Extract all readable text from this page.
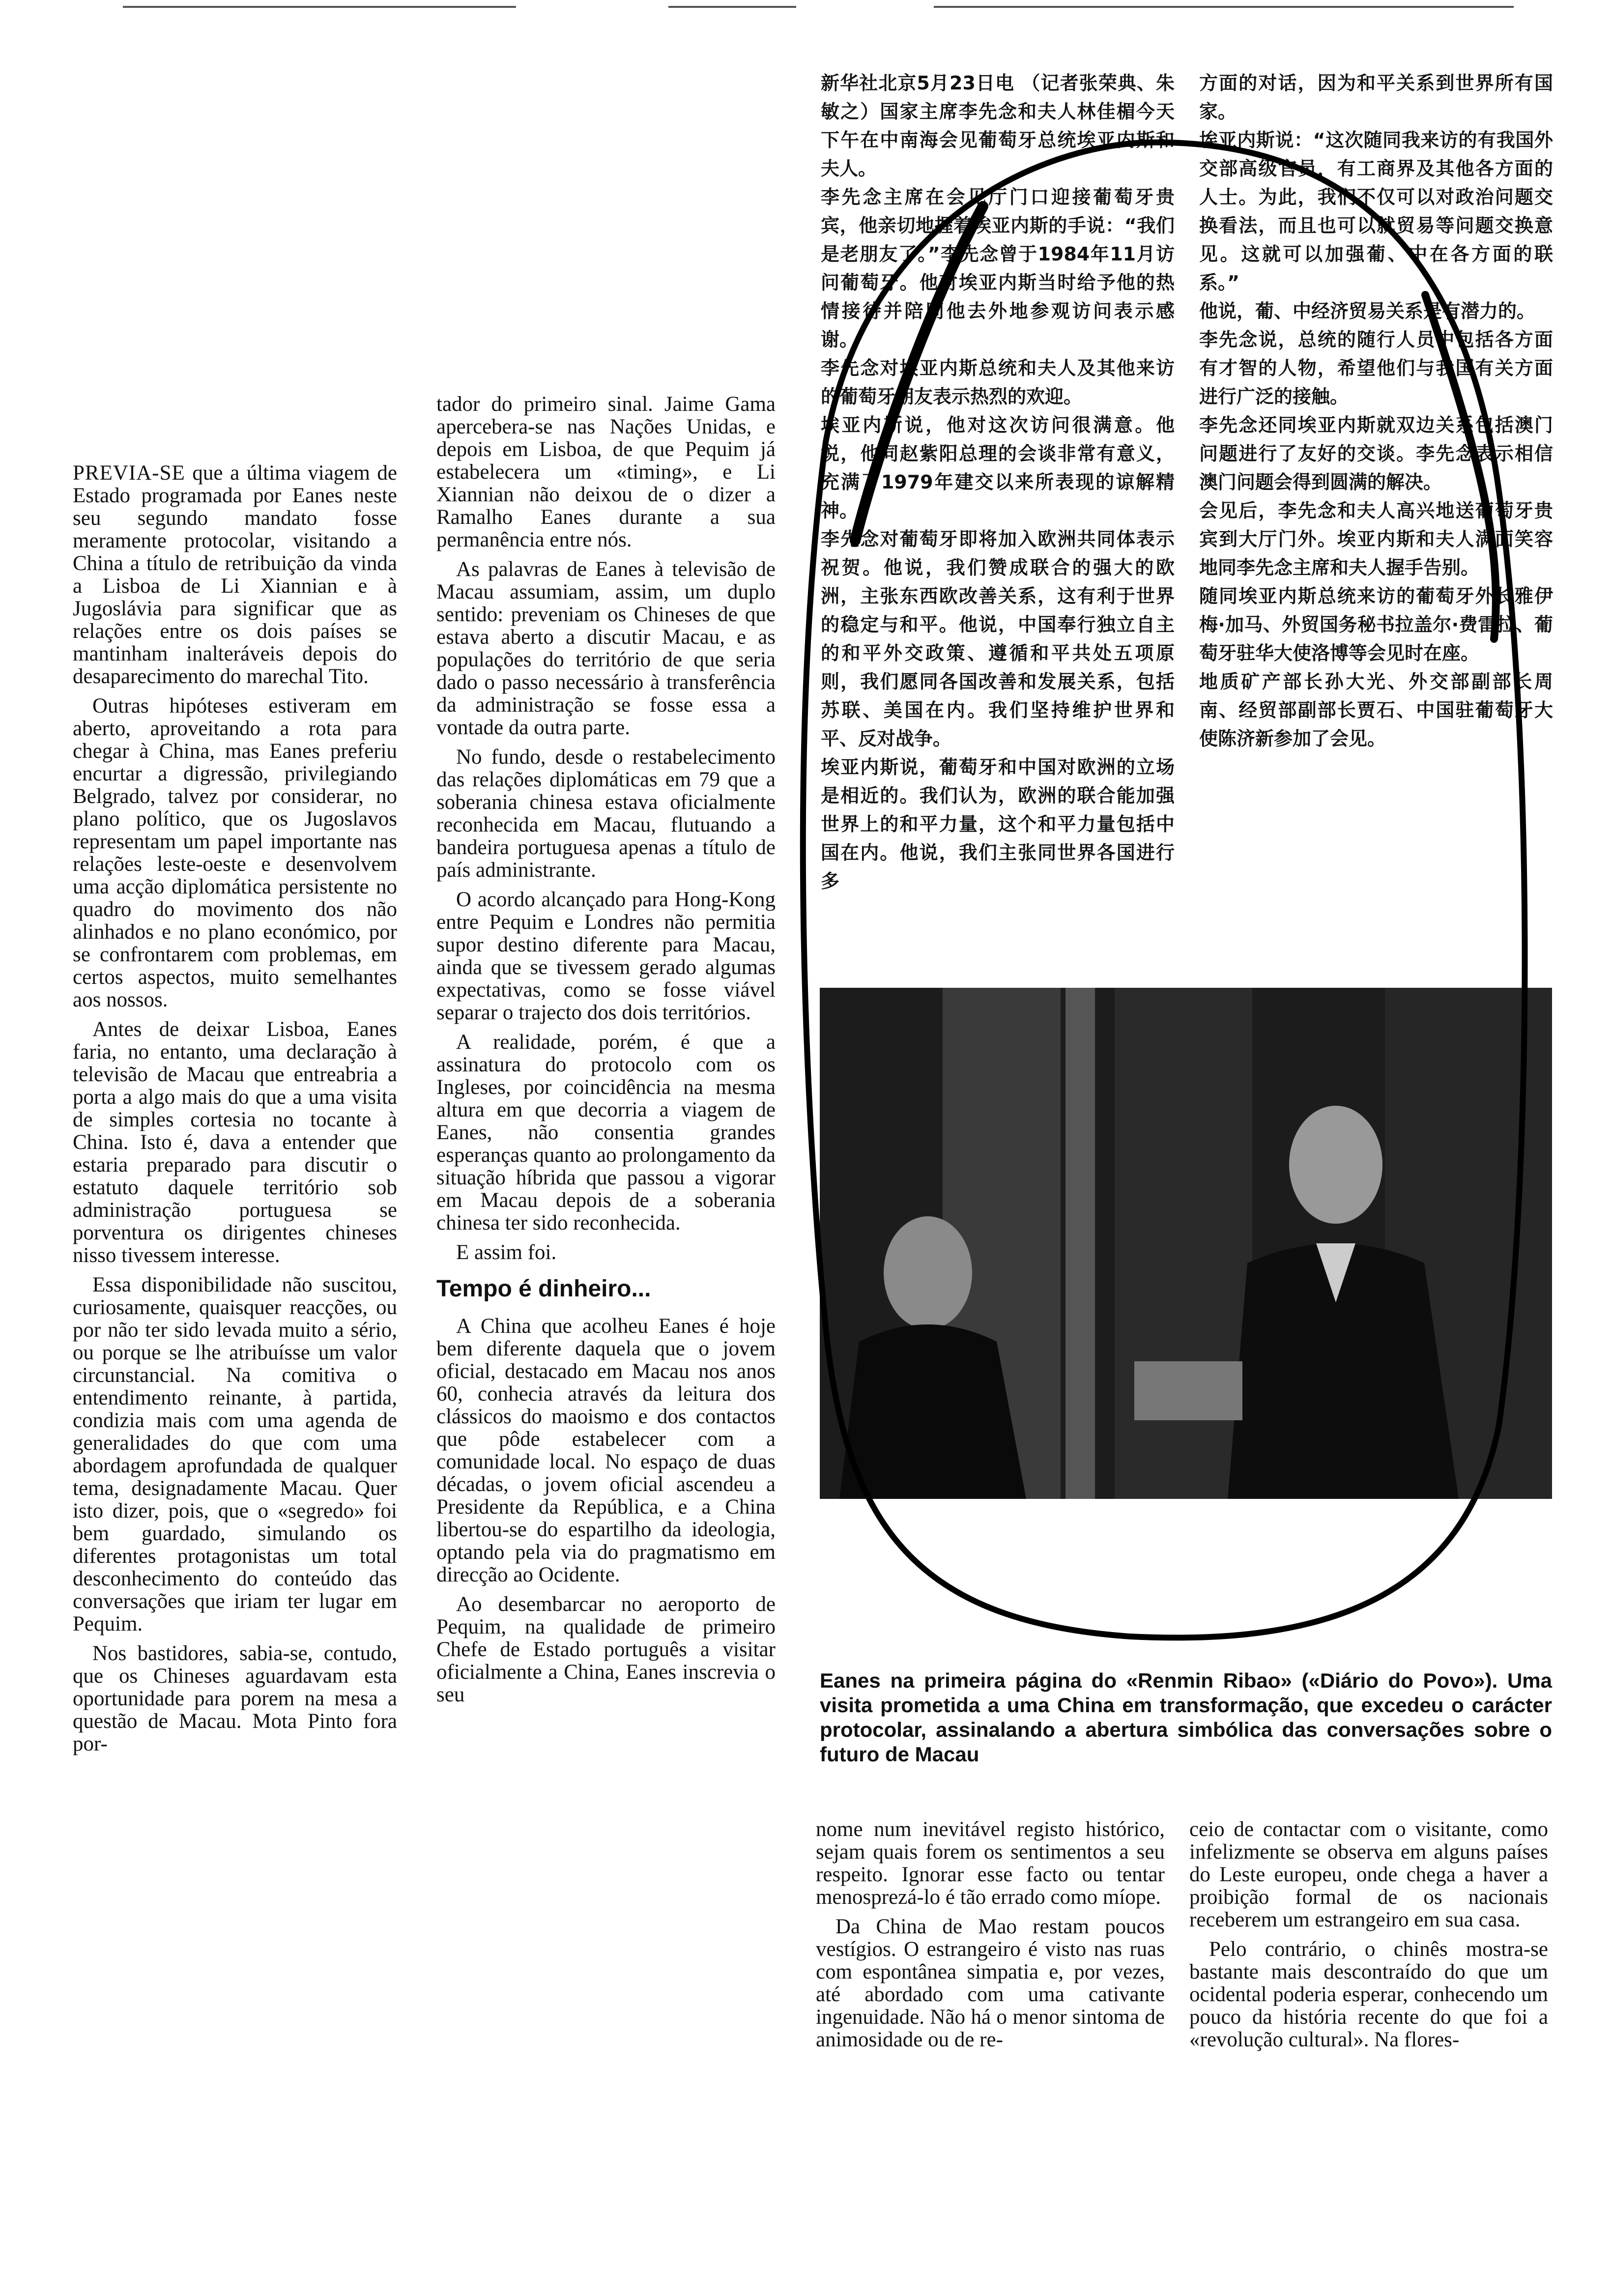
PREVIA-SE que a última viagem de Estado programada por Eanes neste seu segundo mandato fosse meramente protocolar, visitando a China a título de retribuição da vinda a Lisboa de Li Xiannian e à Jugoslávia para significar que as relações entre os dois países se mantinham inalteráveis depois do desaparecimento do marechal Tito.

Outras hipóteses estiveram em aberto, aproveitando a rota para chegar à China, mas Eanes preferiu encurtar a digressão, privilegiando Belgrado, talvez por considerar, no plano político, que os Jugoslavos representam um papel importante nas relações leste-oeste e desenvolvem uma acção diplomática persistente no quadro do movimento dos não alinhados e no plano económico, por se confrontarem com problemas, em certos aspectos, muito semelhantes aos nossos.

Antes de deixar Lisboa, Eanes faria, no entanto, uma declaração à televisão de Macau que entreabria a porta a algo mais do que a uma visita de simples cortesia no tocante à China. Isto é, dava a entender que estaria preparado para discutir o estatuto daquele território sob administração portuguesa se porventura os dirigentes chineses nisso tivessem interesse.

Essa disponibilidade não suscitou, curiosamente, quaisquer reacções, ou por não ter sido levada muito a sério, ou porque se lhe atribuísse um valor circunstancial. Na comitiva o entendimento reinante, à partida, condizia mais com uma agenda de generalidades do que com uma abordagem aprofundada de qualquer tema, designadamente Macau. Quer isto dizer, pois, que o «segredo» foi bem guardado, simulando os diferentes protagonistas um total desconhecimento do conteúdo das conversações que iriam ter lugar em Pequim.

Nos bastidores, sabia-se, contudo, que os Chineses aguardavam esta oportunidade para porem na mesa a questão de Macau. Mota Pinto fora por-

tador do primeiro sinal. Jaime Gama apercebera-se nas Nações Unidas, e depois em Lisboa, de que Pequim já estabelecera um «timing», e Li Xiannian não deixou de o dizer a Ramalho Eanes durante a sua permanência entre nós.

As palavras de Eanes à televisão de Macau assumiam, assim, um duplo sentido: preveniam os Chineses de que estava aberto a discutir Macau, e as populações do território de que seria dado o passo necessário à transferência da administração se fosse essa a vontade da outra parte.

No fundo, desde o restabelecimento das relações diplomáticas em 79 que a soberania chinesa estava oficialmente reconhecida em Macau, flutuando a bandeira portuguesa apenas a título de país administrante.

O acordo alcançado para Hong-Kong entre Pequim e Londres não permitia supor destino diferente para Macau, ainda que se tivessem gerado algumas expectativas, como se fosse viável separar o trajecto dos dois territórios.

A realidade, porém, é que a assinatura do protocolo com os Ingleses, por coincidência na mesma altura em que decorria a viagem de Eanes, não consentia grandes esperanças quanto ao prolongamento da situação híbrida que passou a vigorar em Macau depois de a soberania chinesa ter sido reconhecida.

E assim foi.

Tempo é dinheiro...

A China que acolheu Eanes é hoje bem diferente daquela que o jovem oficial, destacado em Macau nos anos 60, conhecia através da leitura dos clássicos do maoismo e dos contactos que pôde estabelecer com a comunidade local. No espaço de duas décadas, o jovem oficial ascendeu a Presidente da República, e a China libertou-se do espartilho da ideologia, optando pela via do pragmatismo em direcção ao Ocidente.

Ao desembarcar no aeroporto de Pequim, na qualidade de primeiro Chefe de Estado português a visitar oficialmente a China, Eanes inscrevia o seu

新华社北京5月23日电 （记者张荣典、朱敏之）国家主席李先念和夫人林佳楣今天下午在中南海会见葡萄牙总统埃亚内斯和夫人。

李先念主席在会见厅门口迎接葡萄牙贵宾，他亲切地握着埃亚内斯的手说：“我们是老朋友了。”李先念曾于1984年11月访问葡萄牙。他对埃亚内斯当时给予他的热情接待并陪同他去外地参观访问表示感谢。

李先念对埃亚内斯总统和夫人及其他来访的葡萄牙朋友表示热烈的欢迎。

埃亚内斯说，他对这次访问很满意。他说，他同赵紫阳总理的会谈非常有意义，充满了1979年建交以来所表现的谅解精神。

李先念对葡萄牙即将加入欧洲共同体表示祝贺。他说，我们赞成联合的强大的欧洲，主张东西欧改善关系，这有利于世界的稳定与和平。他说，中国奉行独立自主的和平外交政策、遵循和平共处五项原则，我们愿同各国改善和发展关系，包括苏联、美国在内。我们坚持维护世界和平、反对战争。

埃亚内斯说，葡萄牙和中国对欧洲的立场是相近的。我们认为，欧洲的联合能加强世界上的和平力量，这个和平力量包括中国在内。他说，我们主张同世界各国进行多

方面的对话，因为和平关系到世界所有国家。

埃亚内斯说：“这次随同我来访的有我国外交部高级官员，有工商界及其他各方面的人士。为此，我们不仅可以对政治问题交换看法，而且也可以就贸易等问题交换意见。这就可以加强葡、中在各方面的联系。”

他说，葡、中经济贸易关系是有潜力的。

李先念说，总统的随行人员中包括各方面有才智的人物，希望他们与我国有关方面进行广泛的接触。

李先念还同埃亚内斯就双边关系包括澳门问题进行了友好的交谈。李先念表示相信澳门问题会得到圆满的解决。

会见后，李先念和夫人高兴地送葡萄牙贵宾到大厅门外。埃亚内斯和夫人满面笑容地同李先念主席和夫人握手告别。

随同埃亚内斯总统来访的葡萄牙外长雅伊梅·加马、外贸国务秘书拉盖尔·费雷拉、葡萄牙驻华大使洛博等会见时在座。

地质矿产部长孙大光、外交部副部长周南、经贸部副部长贾石、中国驻葡萄牙大使陈济新参加了会见。

Eanes na primeira página do «Renmin Ribao» («Diário do Povo»). Uma visita prometida a uma China em transformação, que excedeu o carácter protocolar, assinalando a abertura simbólica das conversações sobre o futuro de Macau

nome num inevitável registo histórico, sejam quais forem os sentimentos a seu respeito. Ignorar esse facto ou tentar menosprezá-lo é tão errado como míope.

Da China de Mao restam poucos vestígios. O estrangeiro é visto nas ruas com espontânea simpatia e, por vezes, até abordado com uma cativante ingenuidade. Não há o menor sintoma de animosidade ou de re-

ceio de contactar com o visitante, como infelizmente se observa em alguns países do Leste europeu, onde chega a haver a proibição formal de os nacionais receberem um estrangeiro em sua casa.

Pelo contrário, o chinês mostra-se bastante mais descontraído do que um ocidental poderia esperar, conhecendo um pouco da história recente do que foi a «revolução cultural». Na flores-
